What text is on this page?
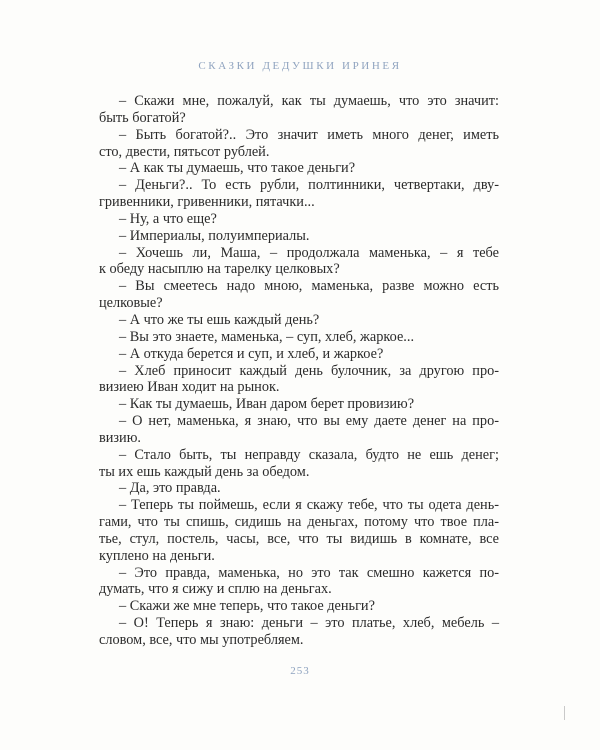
СКАЗКИ ДЕДУШКИ ИРИНЕЯ
– Скажи мне, пожалуй, как ты думаешь, что это значит:
быть богатой?
– Быть богатой?.. Это значит иметь много денег, иметь
сто, двести, пятьсот рублей.
– А как ты думаешь, что такое деньги?
– Деньги?.. То есть рубли, полтинники, четвертаки, дву-
гривенники, гривенники, пятачки...
– Ну, а что еще?
– Империалы, полуимпериалы.
– Хочешь ли, Маша, – продолжала маменька, – я тебе
к обеду насыплю на тарелку целковых?
– Вы смеетесь надо мною, маменька, разве можно есть
целковые?
– А что же ты ешь каждый день?
– Вы это знаете, маменька, – суп, хлеб, жаркое...
– А откуда берется и суп, и хлеб, и жаркое?
– Хлеб приносит каждый день булочник, за другою про-
визиею Иван ходит на рынок.
– Как ты думаешь, Иван даром берет провизию?
– О нет, маменька, я знаю, что вы ему даете денег на про-
визию.
– Стало быть, ты неправду сказала, будто не ешь денег;
ты их ешь каждый день за обедом.
– Да, это правда.
– Теперь ты поймешь, если я скажу тебе, что ты одета день-
гами, что ты спишь, сидишь на деньгах, потому что твое пла-
тье, стул, постель, часы, все, что ты видишь в комнате, все
куплено на деньги.
– Это правда, маменька, но это так смешно кажется по-
думать, что я сижу и сплю на деньгах.
– Скажи же мне теперь, что такое деньги?
– О! Теперь я знаю: деньги – это платье, хлеб, мебель –
словом, все, что мы употребляем.
253
